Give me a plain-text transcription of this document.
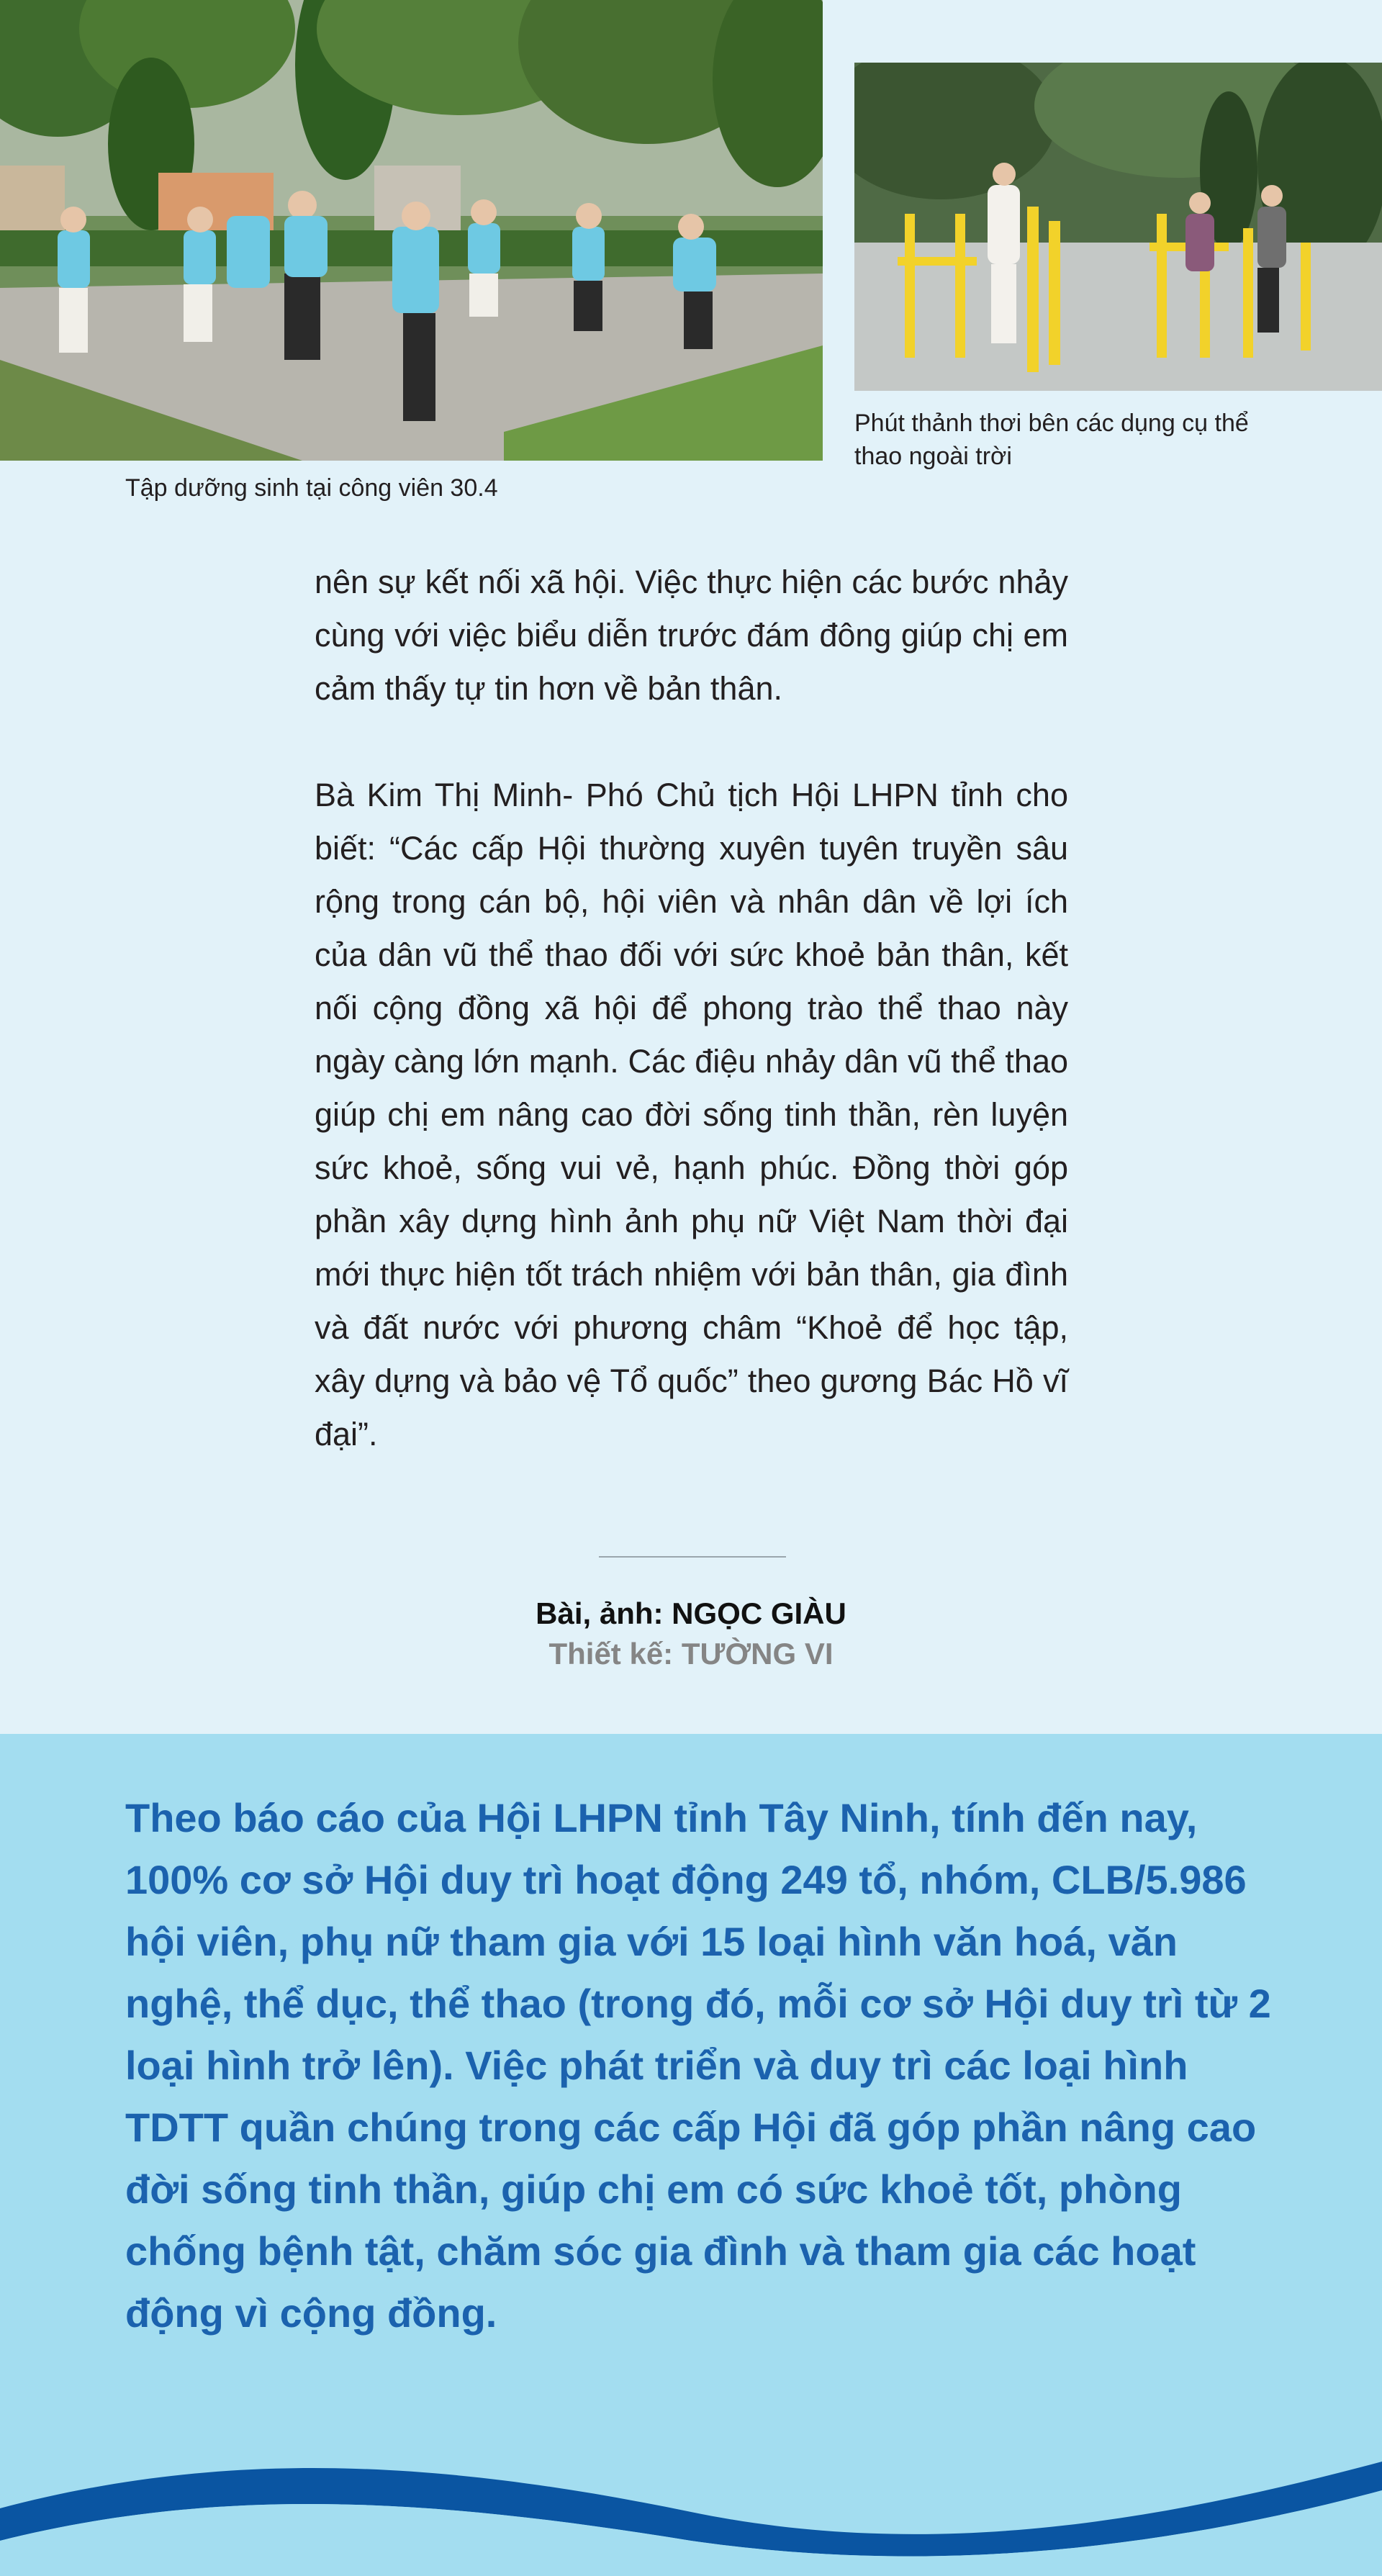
Tập dưỡng sinh tại công viên 30.4
Phút thảnh thơi bên các dụng cụ thể thao ngoài trời

nên sự kết nối xã hội. Việc thực hiện các bước nhảy cùng với việc biểu diễn trước đám đông giúp chị em cảm thấy tự tin hơn về bản thân.

Bà Kim Thị Minh- Phó Chủ tịch Hội LHPN tỉnh cho biết: “Các cấp Hội thường xuyên tuyên truyền sâu rộng trong cán bộ, hội viên và nhân dân về lợi ích của dân vũ thể thao đối với sức khoẻ bản thân, kết nối cộng đồng xã hội để phong trào thể thao này ngày càng lớn mạnh. Các điệu nhảy dân vũ thể thao giúp chị em nâng cao đời sống tinh thần, rèn luyện sức khoẻ, sống vui vẻ, hạnh phúc. Đồng thời góp phần xây dựng hình ảnh phụ nữ Việt Nam thời đại mới thực hiện tốt trách nhiệm với bản thân, gia đình và đất nước với phương châm “Khoẻ để học tập, xây dựng và bảo vệ Tổ quốc” theo gương Bác Hồ vĩ đại”.

Bài, ảnh: NGỌC GIÀU
Thiết kế: TƯỜNG VI

Theo báo cáo của Hội LHPN tỉnh Tây Ninh, tính đến nay, 100% cơ sở Hội duy trì hoạt động 249 tổ, nhóm, CLB/5.986 hội viên, phụ nữ tham gia với 15 loại hình văn hoá, văn nghệ, thể dục, thể thao (trong đó, mỗi cơ sở Hội duy trì từ 2 loại hình trở lên). Việc phát triển và duy trì các loại hình TDTT quần chúng trong các cấp Hội đã góp phần nâng cao đời sống tinh thần, giúp chị em có sức khoẻ tốt, phòng chống bệnh tật, chăm sóc gia đình và tham gia các hoạt động vì cộng đồng.
